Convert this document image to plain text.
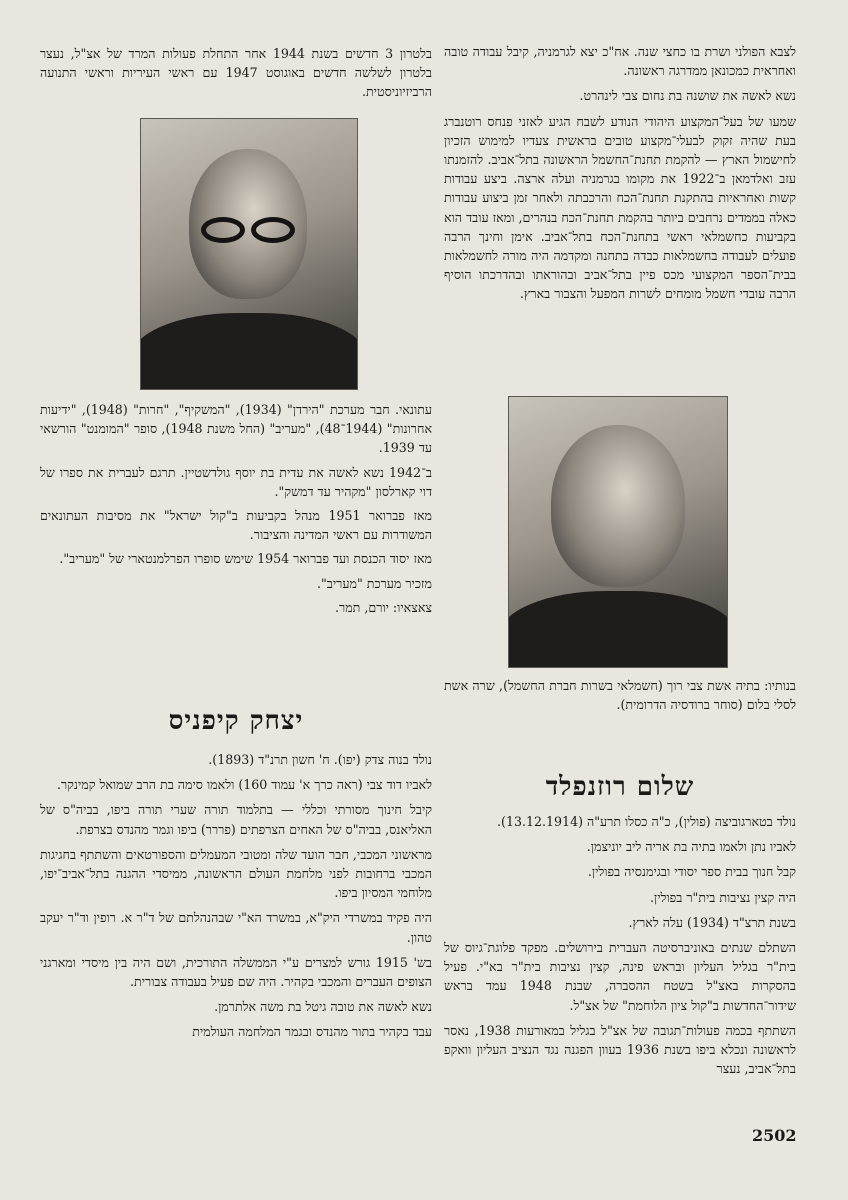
בלטרון 3 חדשים בשנת 1944 אחר התחלת פעולות המרד של אצ"ל, נעצר בלטרון לשלשה חדשים באוגוסט 1947 עם ראשי העיריות וראשי התנועה הרביזיוניסטית.

עתונאי. חבר מערכת "הירדן" (1934), "המשקיף", "חרות" (1948), "ידיעות אחרונות" (1944־48), "מעריב" (החל משנת 1948), סופר "המומנט" הורשאי עד 1939.

ב־1942 נשא לאשה את עדית בת יוסף גולדשטיין. תרגם לעברית את ספרו של דוי קארלסון "מקהיר עד דמשק".

מאז פברואר 1951 מנהל בקביעות ב"קול ישראל" את מסיבות העתונאים המשודרות עם ראשי המדינה והציבור.

מאז יסוד הכנסת ועד פברואר 1954 שימש סופרו הפרלמנטארי של "מעריב".

מזכיר מערכת "מעריב".

צאצאיו: יורם, תמר.

יצחק קיפניס

נולד בנוה צדק (יפו). ח' חשון תרנ"ד (1893).

לאביו דוד צבי (ראה כרך א' עמוד 160) ולאמו סימה בת הרב שמואל קמינקר.

קיבל חינוך מסורתי וכללי — בתלמוד תורה שערי תורה ביפו, בביה"ס של האליאנס, בביה"ס של האחים הצרפתים (פררר) ביפו וגמר מהנדס בצרפת.

מראשוני המכבי, חבר הועד שלה ומטובי המעמלים והספורטאים והשתתף בחגיגות המכבי ברחובות לפני מלחמת העולם הראשונה, ממיסדי ההגנה בתל־אביב־יפו, מלוחמי המסיון ביפו.

היה פקיד במשרדי היק"א, במשרד הא"י שבהנהלתם של ד"ר א. רופין וד"ר יעקב טהון.

בש' 1915 גורש למצרים ע"י הממשלה התורכית, ושם היה בין מיסדי ומארגני הצופים העברים והמכבי בקהיר. היה שם פעיל בעבודה צבורית.

נשא לאשה את טובה גיטל בת משה אלתרמן.

עבד בקהיר בתור מהנדס ובגמר המלחמה העולמית

לצבא הפולני ושרת בו כחצי שנה. אח"כ יצא לגרמניה, קיבל עבודה טובה ואחראית כמכונאן ממדרגה ראשונה.

נשא לאשה את שושנה בת נחום צבי לינהרט.

שמעו של בעל־המקצוע היהודי הנודע לשבח הגיע לאזני פנחס רוטנברג בעת שהיה זקוק לבעלי־מקצוע טובים בראשית צעדיו למימוש הזכיון לחישמול הארץ — להקמת תחנת־החשמל הראשונה בתל־אביב. להזמנתו עזב ואלדמאן ב־1922 את מקומו בגרמניה ועלה ארצה. ביצע עבודות קשות ואחראיות בהתקנת תחנת־הכח והרכבתה ולאחר זמן ביצוע עבודות כאלה בממדים נרחבים ביותר בהקמת תחנת־הכח בנהרים, ומאז עובד הוא בקביעות כחשמלאי ראשי בתחנת־הכח בתל־אביב. אימן וחינך הרבה פועלים לעבודה בחשמלאות כבדה בתחנה ומקדמה היה מורה לחשמלאות בבית־הספר המקצועי מכס פיין בתל־אביב ובהוראתו ובהדרכתו הוסיף הרבה עובדי חשמל מומחים לשרות המפעל והצבור בארץ.

בנותיו: בתיה אשת צבי רוך (חשמלאי בשרות חברת החשמל), שרה אשת לסלי בלום (סוחר ברודסיה הדרומית).

שלום רוזנפלד

נולד בטארגוביצה (פולין), כ"ה כסלו תרע"ה (13.12.1914).

לאביו נתן ולאמו בתיה בת אריה ליב יוניצמן.

קבל חנוך בבית ספר יסודי ובגימנסיה בפולין.

היה קצין נציבות בית"ר בפולין.

בשנת תרצ"ד (1934) עלה לארץ.

השתלם שנתים באוניברסיטה העברית בירושלים. מפקד פלוגת־גיוס של בית"ר בגליל העליון ובראש פינה, קצין נציבות בית"ר בא"י. פעיל בהסקרות באצ"ל בשטח ההסברה, שבנת 1948 עמד בראש שידור־החדשות ב"קול ציון הלוחמת" של אצ"ל.

השתתף בכמה פעולות־תגובה של אצ"ל בגליל במאורעות 1938, נאסר לראשונה ונכלא ביפו בשנת 1936 בעוון הפגנה נגד הנציב העליון וואקפ בתל־אביב, נעצר

2502
